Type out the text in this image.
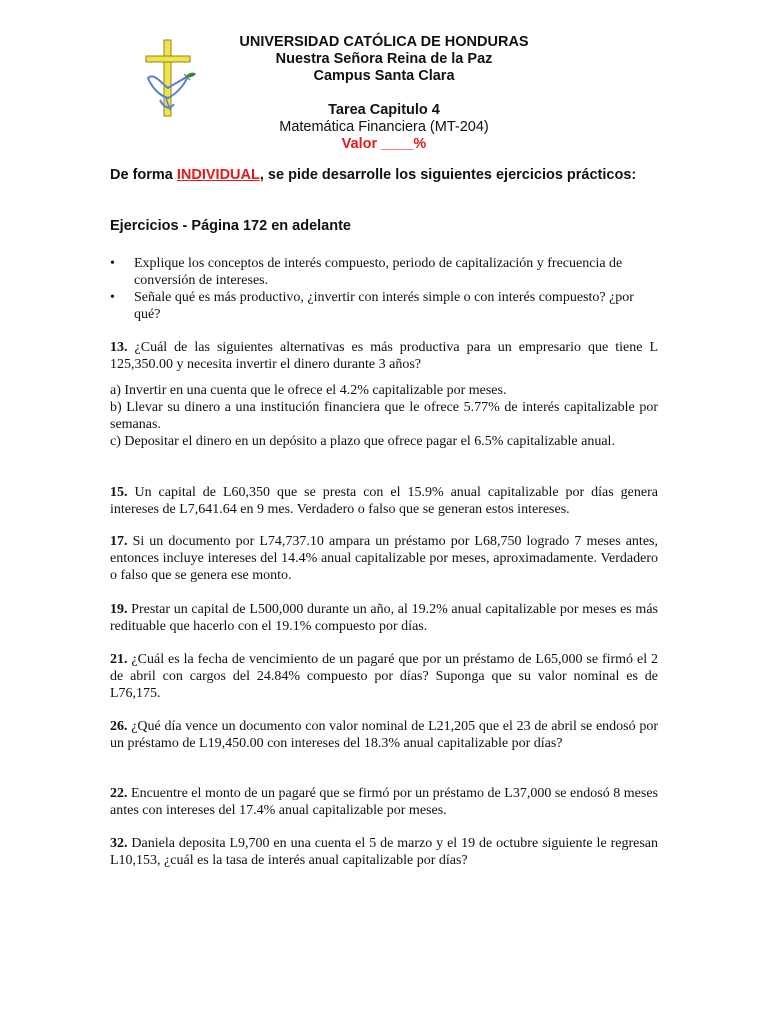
UNIVERSIDAD CATÓLICA DE HONDURAS
Nuestra Señora Reina de la Paz
Campus Santa Clara
Tarea Capitulo 4
Matemática Financiera (MT-204)
Valor ____%
De forma INDIVIDUAL, se pide desarrolle los siguientes ejercicios prácticos:
Ejercicios - Página 172 en adelante
• Explique los conceptos de interés compuesto, periodo de capitalización y frecuencia de conversión de intereses.
• Señale qué es más productivo, ¿invertir con interés simple o con interés compuesto? ¿por qué?

13. ¿Cuál de las siguientes alternativas es más productiva para un empresario que tiene L 125,350.00 y necesita invertir el dinero durante 3 años?

a) Invertir en una cuenta que le ofrece el 4.2% capitalizable por meses.

b) Llevar su dinero a una institución financiera que le ofrece 5.77% de interés capitalizable por semanas.

c) Depositar el dinero en un depósito a plazo que ofrece pagar el 6.5% capitalizable anual.

15. Un capital de L60,350 que se presta con el 15.9% anual capitalizable por días genera intereses de L7,641.64 en 9 mes. Verdadero o falso que se generan estos intereses.

17. Si un documento por L74,737.10 ampara un préstamo por L68,750 logrado 7 meses antes, entonces incluye intereses del 14.4% anual capitalizable por meses, aproximadamente. Verdadero o falso que se genera ese monto.

19. Prestar un capital de L500,000 durante un año, al 19.2% anual capitalizable por meses es más redituable que hacerlo con el 19.1% compuesto por días.

21. ¿Cuál es la fecha de vencimiento de un pagaré que por un préstamo de L65,000 se firmó el 2 de abril con cargos del 24.84% compuesto por días? Suponga que su valor nominal es de L76,175.

26. ¿Qué día vence un documento con valor nominal de L21,205 que el 23 de abril se endosó por un préstamo de L19,450.00 con intereses del 18.3% anual capitalizable por días?

22. Encuentre el monto de un pagaré que se firmó por un préstamo de L37,000 se endosó 8 meses antes con intereses del 17.4% anual capitalizable por meses.

32. Daniela deposita L9,700 en una cuenta el 5 de marzo y el 19 de octubre siguiente le regresan L10,153, ¿cuál es la tasa de interés anual capitalizable por días?
